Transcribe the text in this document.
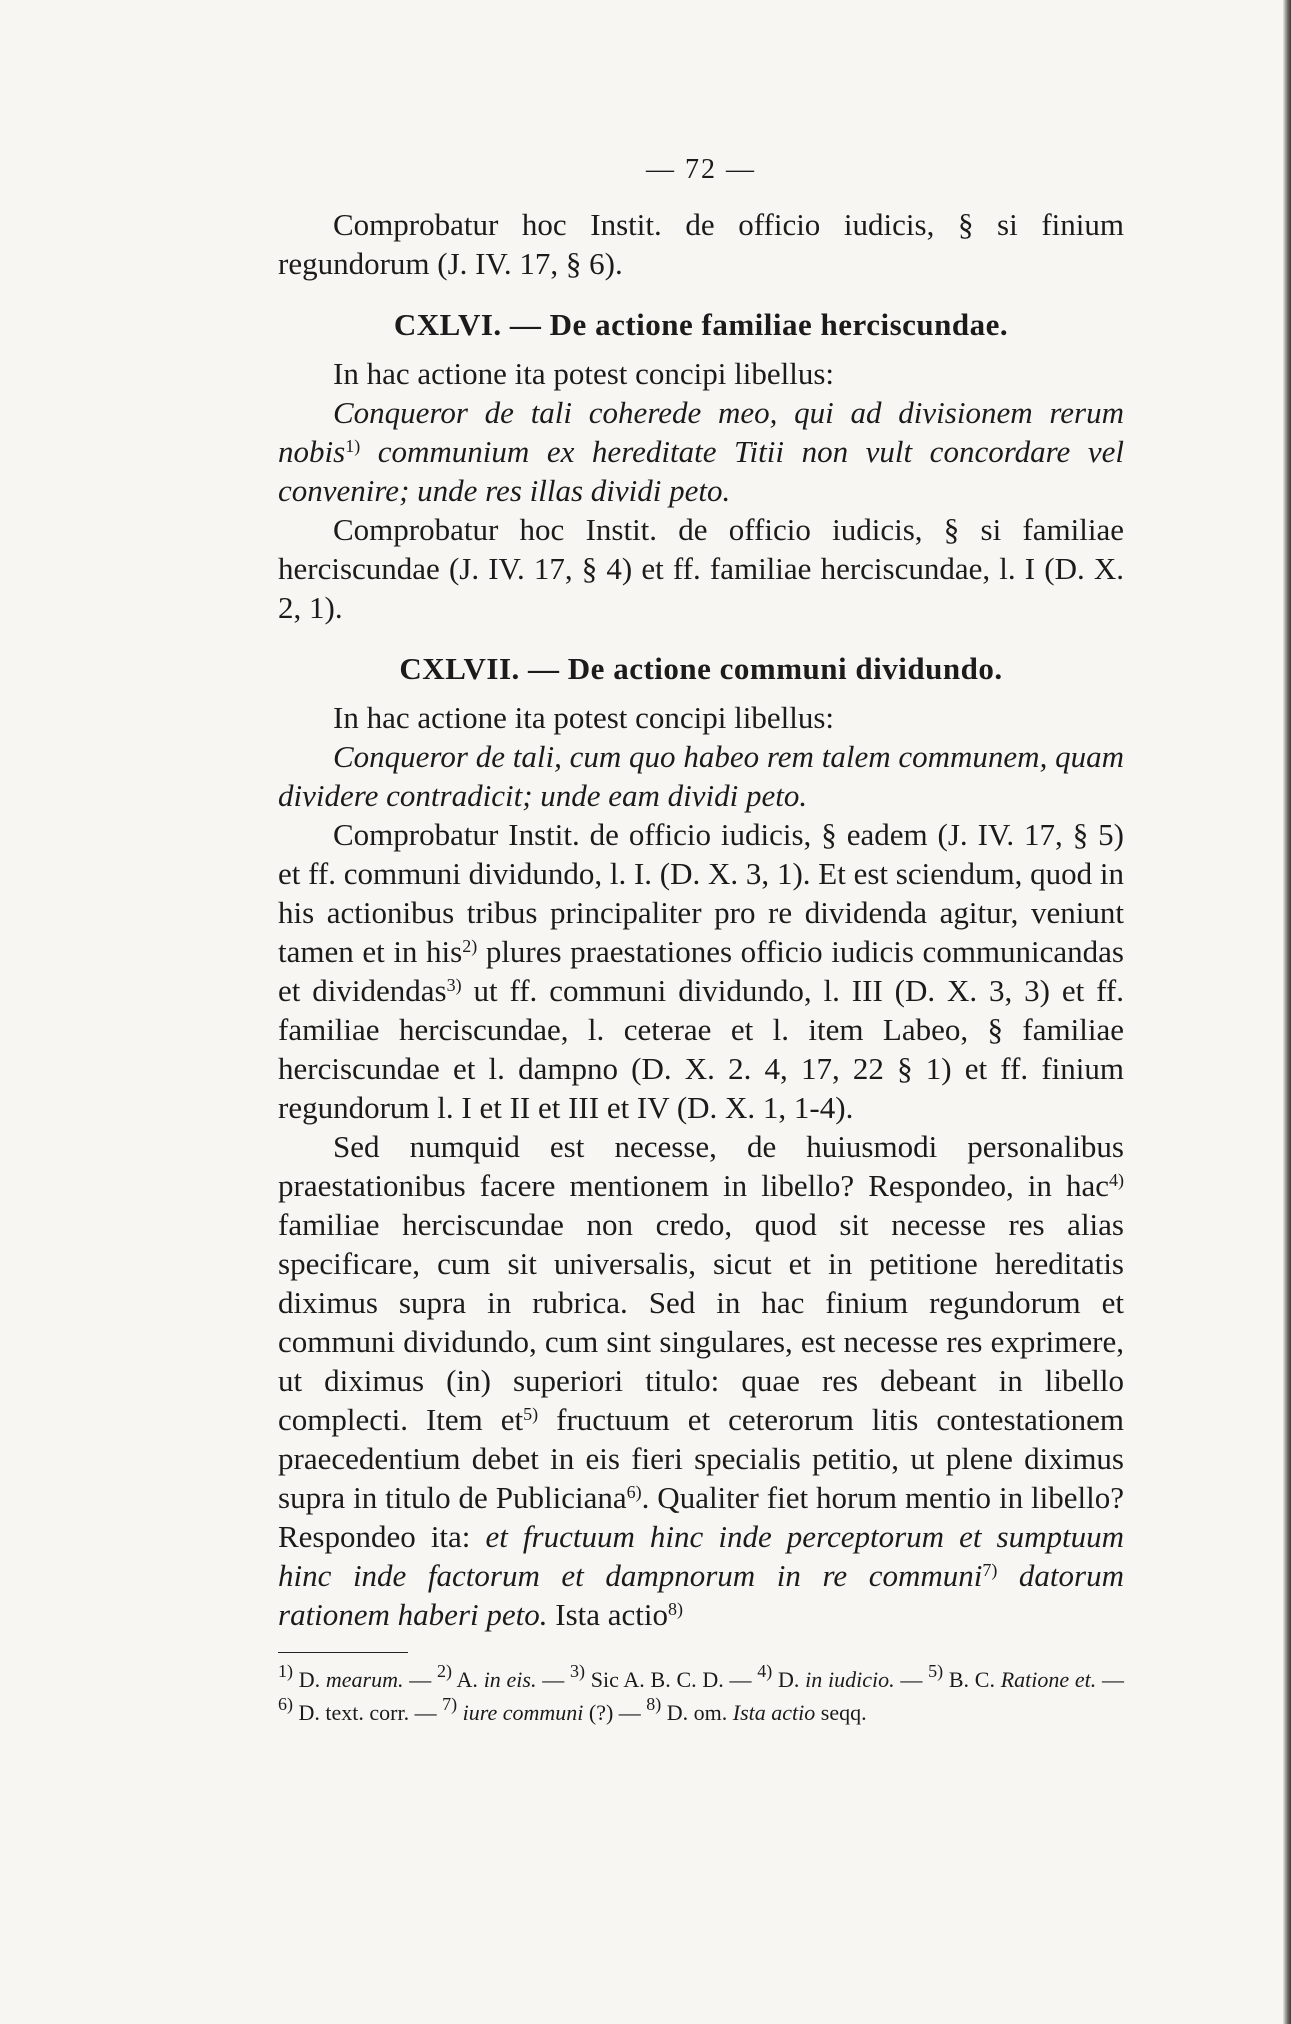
— 72 —

Comprobatur hoc Instit. de officio iudicis, § si finium regundorum (J. IV. 17, § 6).

CXLVI. — De actione familiae herciscundae.

In hac actione ita potest concipi libellus:

Conqueror de tali coherede meo, qui ad divisionem rerum nobis$^{1)}$ communium ex hereditate Titii non vult concordare vel convenire; unde res illas dividi peto.

Comprobatur hoc Instit. de officio iudicis, § si familiae herciscundae (J. IV. 17, § 4) et ff. familiae herciscundae, l. I (D. X. 2, 1).

CXLVII. — De actione communi dividundo.

In hac actione ita potest concipi libellus:

Conqueror de tali, cum quo habeo rem talem communem, quam dividere contradicit; unde eam dividi peto.

Comprobatur Instit. de officio iudicis, § eadem (J. IV. 17, § 5) et ff. communi dividundo, l. I. (D. X. 3, 1). Et est sciendum, quod in his actionibus tribus principaliter pro re dividenda agitur, veniunt tamen et in his$^{2)}$ plures praestationes officio iudicis communicandas et dividendas$^{3)}$ ut ff. communi dividundo, l. III (D. X. 3, 3) et ff. familiae herciscundae, l. ceterae et l. item Labeo, § familiae herciscundae et l. dampno (D. X. 2. 4, 17, 22 § 1) et ff. finium regundorum l. I et II et III et IV (D. X. 1, 1-4).

Sed numquid est necesse, de huiusmodi personalibus praestationibus facere mentionem in libello? Respondeo, in hac$^{4)}$ familiae herciscundae non credo, quod sit necesse res alias specificare, cum sit universalis, sicut et in petitione hereditatis diximus supra in rubrica. Sed in hac finium regundorum et communi dividundo, cum sint singulares, est necesse res exprimere, ut diximus (in) superiori titulo: quae res debeant in libello complecti. Item $et^{5)}$ fructuum et ceterorum litis contestationem praecedentium debet in eis fieri specialis petitio, ut plene diximus supra in titulo de Publiciana$^{6)}$. Qualiter fiet horum mentio in libello? Respondeo ita: et fructuum hinc inde perceptorum et sumptuum hinc inde factorum et dampnorum in re communi$^{7)}$ datorum rationem haberi peto. Ista actio$^{8)}$

$^{1)}$ D. mearum. — $^{2)}$ A. in eis. — $^{3)}$ Sic A. B. C. D. — $^{4)}$ D. in iudicio. — $^{5)}$ B. C. Ratione et. — $^{6)}$ D. text. corr. — $^{7)}$ iure communi (?) — $^{8)}$ D. om. Ista actio seqq.
